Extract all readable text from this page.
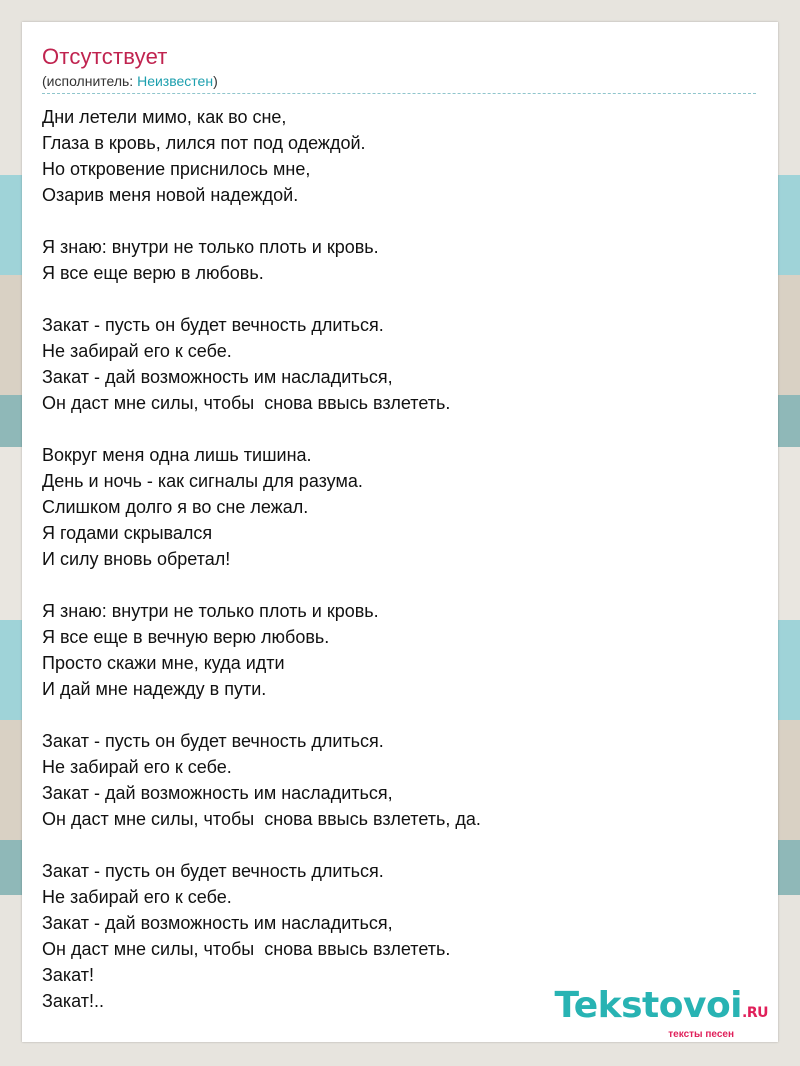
Отсутствует
(исполнитель: Неизвестен)
Дни летели мимо, как во сне,
Глаза в кровь, лился пот под одеждой.
Но откровение приснилось мне,
Озарив меня новой надеждой.
Я знаю: внутри не только плоть и кровь.
Я все еще верю в любовь.
Закат - пусть он будет вечность длиться.
Не забирай его к себе.
Закат - дай возможность им насладиться,
Он даст мне силы, чтобы  снова ввысь взлететь.
Вокруг меня одна лишь тишина.
День и ночь - как сигналы для разума.
Слишком долго я во сне лежал.
Я годами скрывался
И силу вновь обретал!
Я знаю: внутри не только плоть и кровь.
Я все еще в вечную верю любовь.
Просто скажи мне, куда идти
И дай мне надежду в пути.
Закат - пусть он будет вечность длиться.
Не забирай его к себе.
Закат - дай возможность им насладиться,
Он даст мне силы, чтобы  снова ввысь взлететь, да.
Закат - пусть он будет вечность длиться.
Не забирай его к себе.
Закат - дай возможность им насладиться,
Он даст мне силы, чтобы  снова ввысь взлететь.
Закат!
Закат!..	Tekstovoi.RU
тексты песен
